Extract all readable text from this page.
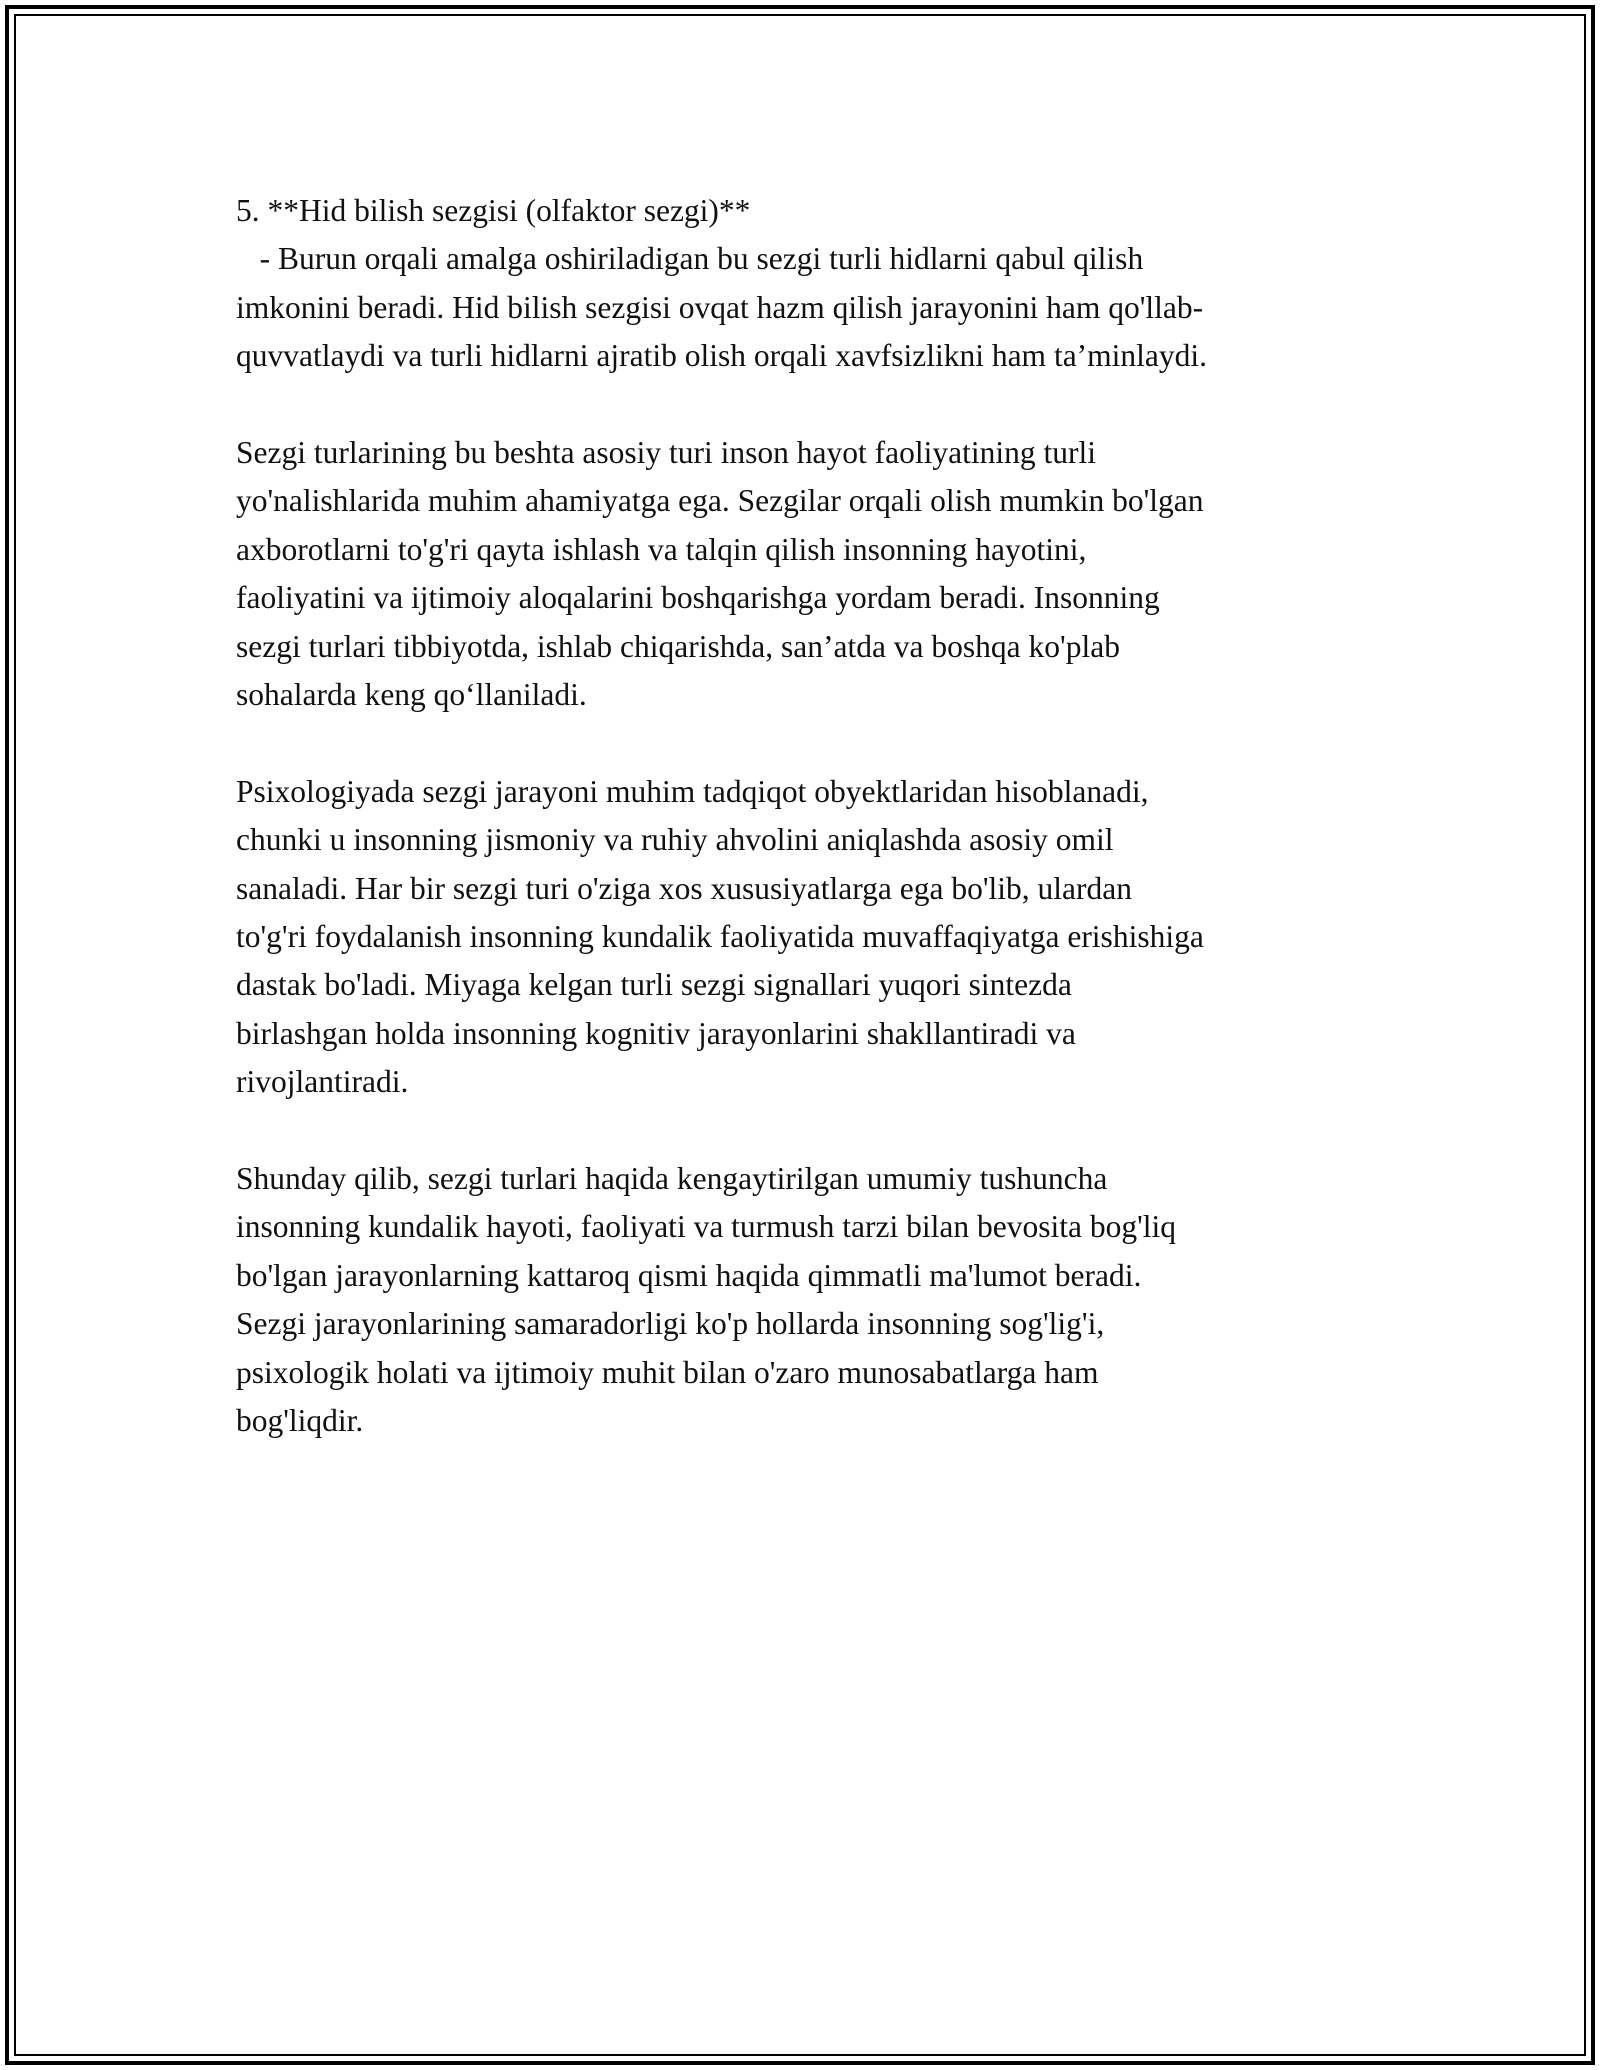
5. **Hid bilish sezgisi (olfaktor sezgi)**
- Burun orqali amalga oshiriladigan bu sezgi turli hidlarni qabul qilish
imkonini beradi. Hid bilish sezgisi ovqat hazm qilish jarayonini ham qo'llab-
quvvatlaydi va turli hidlarni ajratib olish orqali xavfsizlikni ham ta’minlaydi.
Sezgi turlarining bu beshta asosiy turi inson hayot faoliyatining turli
yo'nalishlarida muhim ahamiyatga ega. Sezgilar orqali olish mumkin bo'lgan
axborotlarni to'g'ri qayta ishlash va talqin qilish insonning hayotini,
faoliyatini va ijtimoiy aloqalarini boshqarishga yordam beradi. Insonning
sezgi turlari tibbiyotda, ishlab chiqarishda, san’atda va boshqa ko'plab
sohalarda keng qo‘llaniladi.
Psixologiyada sezgi jarayoni muhim tadqiqot obyektlaridan hisoblanadi,
chunki u insonning jismoniy va ruhiy ahvolini aniqlashda asosiy omil
sanaladi. Har bir sezgi turi o'ziga xos xususiyatlarga ega bo'lib, ulardan
to'g'ri foydalanish insonning kundalik faoliyatida muvaffaqiyatga erishishiga
dastak bo'ladi. Miyaga kelgan turli sezgi signallari yuqori sintezda
birlashgan holda insonning kognitiv jarayonlarini shakllantiradi va
rivojlantiradi.
Shunday qilib, sezgi turlari haqida kengaytirilgan umumiy tushuncha
insonning kundalik hayoti, faoliyati va turmush tarzi bilan bevosita bog'liq
bo'lgan jarayonlarning kattaroq qismi haqida qimmatli ma'lumot beradi.
Sezgi jarayonlarining samaradorligi ko'p hollarda insonning sog'lig'i,
psixologik holati va ijtimoiy muhit bilan o'zaro munosabatlarga ham
bog'liqdir.
